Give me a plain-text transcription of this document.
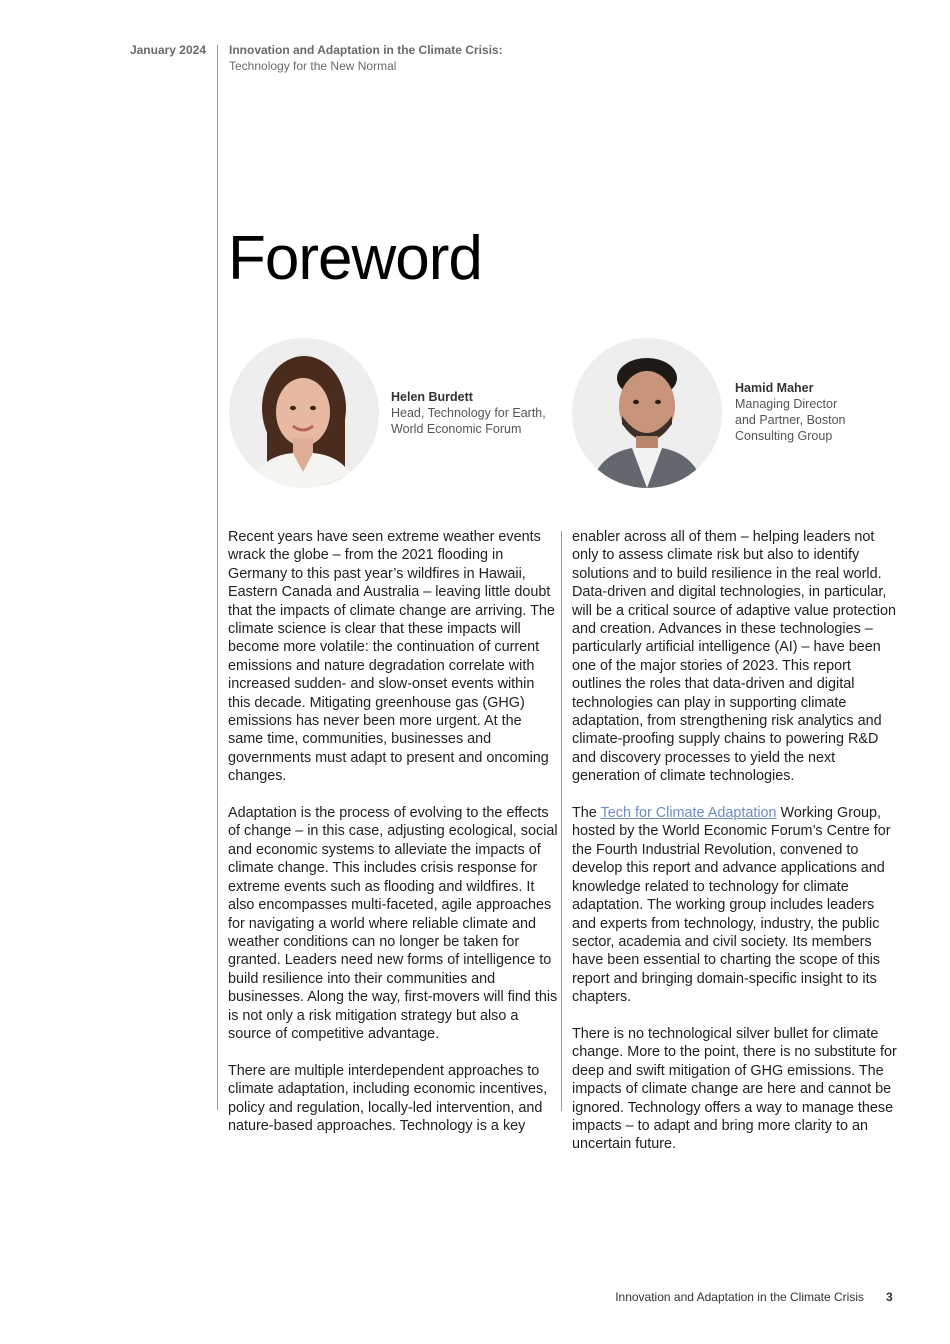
January 2024 Innovation and Adaptation in the Climate Crisis:
Technology for the New Normal
Foreword
Helen Burdett
Head, Technology for Earth,
World Economic Forum
Hamid Maher
Managing Director
and Partner, Boston
Consulting Group

Recent years have seen extreme weather events wrack the globe – from the 2021 flooding in Germany to this past year’s wildfires in Hawaii, Eastern Canada and Australia – leaving little doubt that the impacts of climate change are arriving. The climate science is clear that these impacts will become more volatile: the continuation of current emissions and nature degradation correlate with increased sudden- and slow-onset events within this decade. Mitigating greenhouse gas (GHG) emissions has never been more urgent. At the same time, communities, businesses and governments must adapt to present and oncoming changes.

Adaptation is the process of evolving to the effects of change – in this case, adjusting ecological, social and economic systems to alleviate the impacts of climate change. This includes crisis response for extreme events such as flooding and wildfires. It also encompasses multi-faceted, agile approaches for navigating a world where reliable climate and weather conditions can no longer be taken for granted. Leaders need new forms of intelligence to build resilience into their communities and businesses. Along the way, first-movers will find this is not only a risk mitigation strategy but also a source of competitive advantage.

There are multiple interdependent approaches to climate adaptation, including economic incentives, policy and regulation, locally-led intervention, and nature-based approaches. Technology is a key

enabler across all of them – helping leaders not only to assess climate risk but also to identify solutions and to build resilience in the real world. Data-driven and digital technologies, in particular, will be a critical source of adaptive value protection and creation. Advances in these technologies – particularly artificial intelligence (AI) – have been one of the major stories of 2023. This report outlines the roles that data-driven and digital technologies can play in supporting climate adaptation, from strengthening risk analytics and climate-proofing supply chains to powering R&D and discovery processes to yield the next generation of climate technologies.

The Tech for Climate Adaptation Working Group, hosted by the World Economic Forum’s Centre for the Fourth Industrial Revolution, convened to develop this report and advance applications and knowledge related to technology for climate adaptation. The working group includes leaders and experts from technology, industry, the public sector, academia and civil society. Its members have been essential to charting the scope of this report and bringing domain-specific insight to its chapters.

There is no technological silver bullet for climate change. More to the point, there is no substitute for deep and swift mitigation of GHG emissions. The impacts of climate change are here and cannot be ignored. Technology offers a way to manage these impacts – to adapt and bring more clarity to an uncertain future.

Innovation and Adaptation in the Climate Crisis 3
